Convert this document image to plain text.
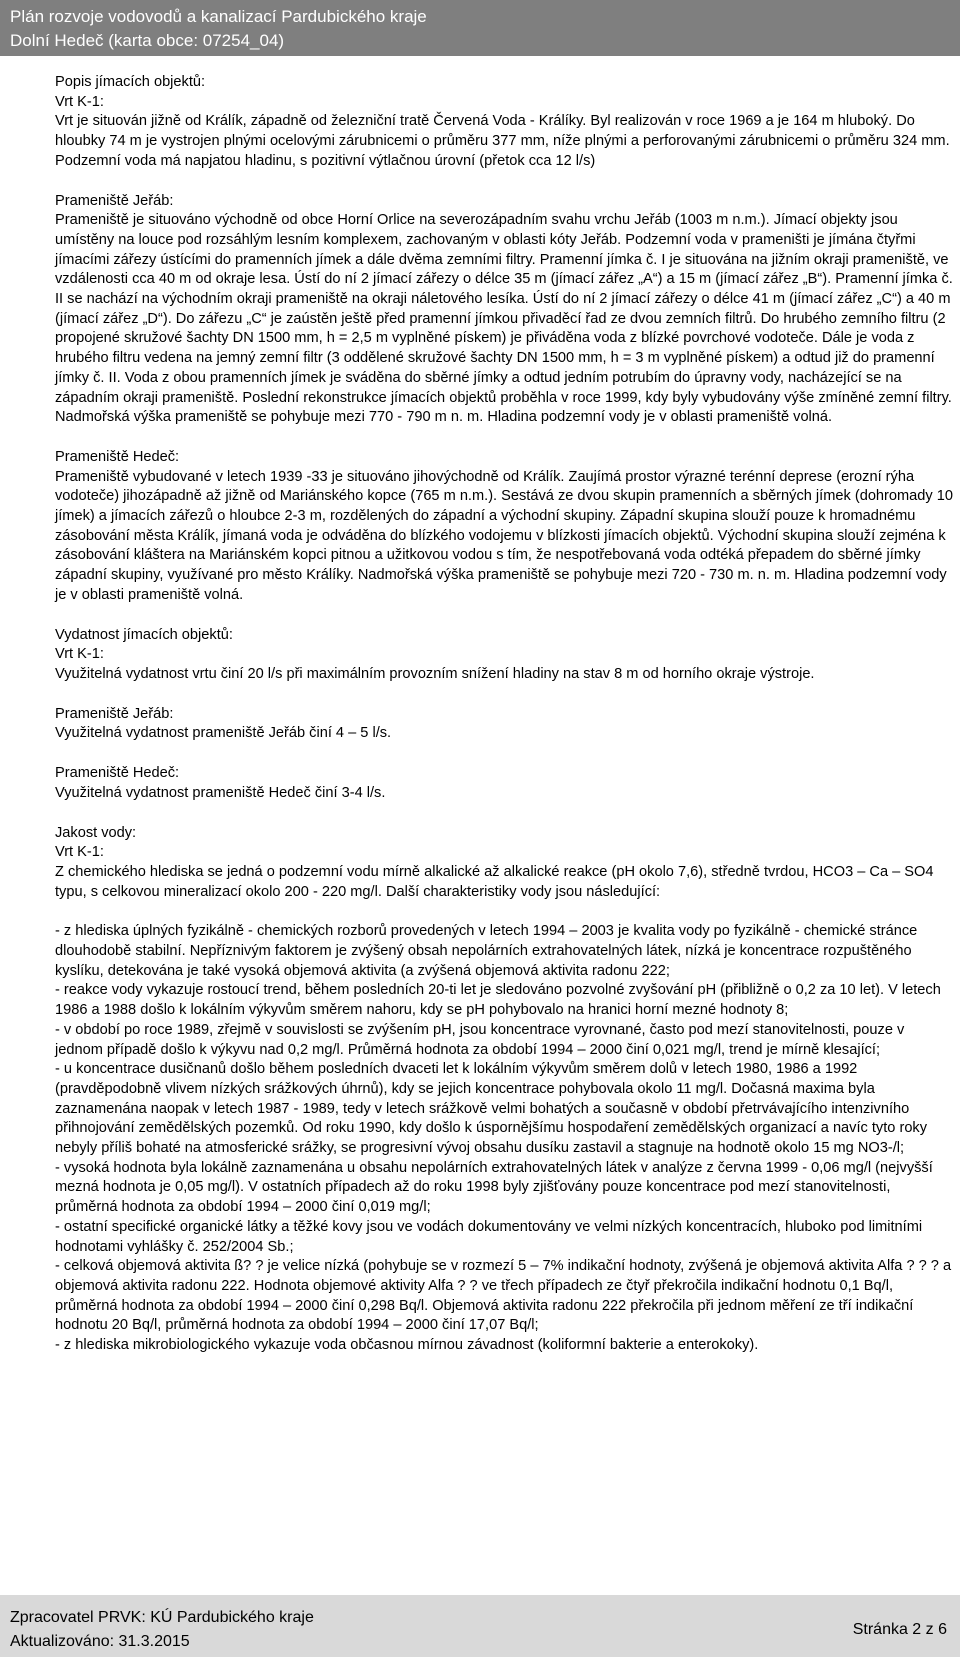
Plán rozvoje vodovodů a kanalizací Pardubického kraje
Dolní Hedeč (karta obce: 07254_04)

Popis jímacích objektů:

Vrt K-1:

Vrt je situován jižně od Králík, západně od železniční tratě Červená Voda - Králíky. Byl realizován v roce 1969 a je 164 m hluboký. Do hloubky 74 m je vystrojen plnými ocelovými zárubnicemi o průměru 377 mm, níže plnými a perforovanými zárubnicemi o průměru 324 mm. Podzemní voda má napjatou hladinu, s pozitivní výtlačnou úrovní (přetok cca 12 l/s)

Prameniště Jeřáb:

Prameniště je situováno východně od obce Horní Orlice na severozápadním svahu vrchu Jeřáb (1003 m n.m.). Jímací objekty jsou umístěny na louce pod rozsáhlým lesním komplexem, zachovaným v oblasti kóty Jeřáb. Podzemní voda v prameništi je jímána čtyřmi jímacími zářezy ústícími do pramenních jímek a dále dvěma zemními filtry. Pramenní jímka č. I je situována na jižním okraji prameniště, ve vzdálenosti cca 40 m od okraje lesa. Ústí do ní 2 jímací zářezy o délce 35 m (jímací zářez „A“) a 15 m (jímací zářez „B“). Pramenní jímka č. II se nachází na východním okraji prameniště na okraji náletového lesíka. Ústí do ní 2 jímací zářezy o délce 41 m (jímací zářez „C“) a 40 m (jímací zářez „D“). Do zářezu „C“ je zaústěn ještě před pramenní jímkou přivaděcí řad ze dvou zemních filtrů. Do hrubého zemního filtru (2 propojené skružové šachty DN 1500 mm, h = 2,5 m vyplněné pískem) je přiváděna voda z blízké povrchové vodoteče. Dále je voda z hrubého filtru vedena na jemný zemní filtr (3 oddělené skružové šachty DN 1500 mm, h = 3 m vyplněné pískem) a odtud již do pramenní jímky č. II. Voda z obou pramenních jímek je sváděna do sběrné jímky a odtud jedním potrubím do úpravny vody, nacházející se na západním okraji prameniště. Poslední rekonstrukce jímacích objektů proběhla v roce 1999, kdy byly vybudovány výše zmíněné zemní filtry. Nadmořská výška prameniště se pohybuje mezi 770 - 790 m n. m. Hladina podzemní vody je v oblasti prameniště volná.

Prameniště Hedeč:

Prameniště vybudované v letech 1939 -33 je situováno jihovýchodně od Králík. Zaujímá prostor výrazné terénní deprese (erozní rýha vodoteče) jihozápadně až jižně od Mariánského kopce (765 m n.m.). Sestává ze dvou skupin pramenních a sběrných jímek (dohromady 10 jímek) a jímacích zářezů o hloubce 2-3 m, rozdělených do západní a východní skupiny. Západní skupina slouží pouze k hromadnému zásobování města Králík, jímaná voda je odváděna do blízkého vodojemu v blízkosti jímacích objektů. Východní skupina slouží zejména k zásobování kláštera na Mariánském kopci pitnou a užitkovou vodou s tím, že nespotřebovaná voda odtéká přepadem do sběrné jímky západní skupiny, využívané pro město Králíky. Nadmořská výška prameniště se pohybuje mezi 720 - 730 m. n. m. Hladina podzemní vody je v oblasti prameniště volná.

Vydatnost jímacích objektů:

Vrt K-1:

Využitelná vydatnost vrtu činí 20 l/s při maximálním provozním snížení hladiny na stav 8 m od horního okraje výstroje.

Prameniště Jeřáb:

Využitelná vydatnost prameniště Jeřáb činí 4 – 5 l/s.

Prameniště Hedeč:

Využitelná vydatnost prameniště Hedeč činí 3-4 l/s.

Jakost vody:

Vrt K-1:

Z chemického hlediska se jedná o podzemní vodu mírně alkalické až alkalické reakce (pH okolo 7,6), středně tvrdou, HCO3 – Ca – SO4 typu, s celkovou mineralizací okolo 200 - 220 mg/l. Další charakteristiky vody jsou následující:

- z hlediska úplných fyzikálně - chemických rozborů provedených v letech 1994 – 2003 je kvalita vody po fyzikálně - chemické stránce dlouhodobě stabilní. Nepříznivým faktorem je zvýšený obsah nepolárních extrahovatelných látek, nízká je koncentrace rozpuštěného kyslíku, detekována je také vysoká objemová aktivita (a zvýšená objemová aktivita radonu 222;

- reakce vody vykazuje rostoucí trend, během posledních 20-ti let je sledováno pozvolné zvyšování pH (přibližně o 0,2 za 10 let). V letech 1986 a 1988 došlo k lokálním výkyvům směrem nahoru, kdy se pH pohybovalo na hranici horní mezné hodnoty 8;

- v období po roce 1989, zřejmě v souvislosti se zvýšením pH, jsou koncentrace vyrovnané, často pod mezí stanovitelnosti, pouze v jednom případě došlo k výkyvu nad 0,2 mg/l. Průměrná hodnota za období 1994 – 2000 činí 0,021 mg/l, trend je mírně klesající;

- u koncentrace dusičnanů došlo během posledních dvaceti let k lokálním výkyvům směrem dolů v letech 1980, 1986 a 1992 (pravděpodobně vlivem nízkých srážkových úhrnů), kdy se jejich koncentrace pohybovala okolo 11 mg/l. Dočasná maxima byla zaznamenána naopak v letech 1987 - 1989, tedy v letech srážkově velmi bohatých a současně v období přetrvávajícího intenzivního přihnojování zemědělských pozemků. Od roku 1990, kdy došlo k úspornějšímu hospodaření zemědělských organizací a navíc tyto roky nebyly příliš bohaté na atmosferické srážky, se progresivní vývoj obsahu dusíku zastavil a stagnuje na hodnotě okolo 15 mg NO3-/l;

- vysoká hodnota byla lokálně zaznamenána u obsahu nepolárních extrahovatelných látek v analýze z června 1999 - 0,06 mg/l (nejvyšší mezná hodnota je 0,05 mg/l). V ostatních případech až do roku 1998 byly zjišťovány pouze koncentrace pod mezí stanovitelnosti, průměrná hodnota za období 1994 – 2000 činí 0,019 mg/l;

- ostatní specifické organické látky a těžké kovy jsou ve vodách dokumentovány ve velmi nízkých koncentracích, hluboko pod limitními hodnotami vyhlášky č. 252/2004 Sb.;

- celková objemová aktivita ß? ? je velice nízká (pohybuje se v rozmezí 5 – 7% indikační hodnoty, zvýšená je objemová aktivita Alfa ? ? ? a objemová aktivita radonu 222. Hodnota objemové aktivity Alfa ? ? ve třech případech ze čtyř překročila indikační hodnotu 0,1 Bq/l, průměrná hodnota za období 1994 – 2000 činí 0,298 Bq/l. Objemová aktivita radonu 222 překročila při jednom měření ze tří indikační hodnotu 20 Bq/l, průměrná hodnota za období 1994 – 2000 činí 17,07 Bq/l;

- z hlediska mikrobiologického vykazuje voda občasnou mírnou závadnost (koliformní bakterie a enterokoky).

Zpracovatel PRVK: KÚ Pardubického kraje
Aktualizováno: 31.3.2015
Stránka 2 z 6
